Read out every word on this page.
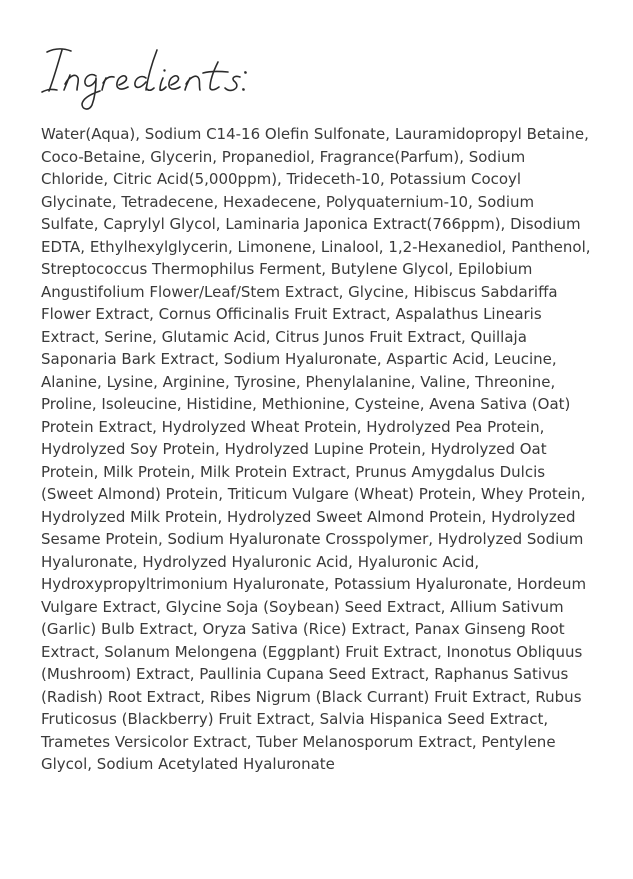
Water(Aqua), Sodium C14-16 Olefin Sulfonate, Lauramidopropyl Betaine, Coco-Betaine, Glycerin, Propanediol, Fragrance(Parfum), Sodium Chloride, Citric Acid(5,000ppm), Trideceth-10, Potassium Cocoyl Glycinate, Tetradecene, Hexadecene, Polyquaternium-10, Sodium Sulfate, Caprylyl Glycol, Laminaria Japonica Extract(766ppm), Disodium EDTA, Ethylhexylglycerin, Limonene, Linalool, 1,2-Hexanediol, Panthenol, Streptococcus Thermophilus Ferment, Butylene Glycol, Epilobium Angustifolium Flower/Leaf/Stem Extract, Glycine, Hibiscus Sabdariffa Flower Extract, Cornus Officinalis Fruit Extract, Aspalathus Linearis Extract, Serine, Glutamic Acid, Citrus Junos Fruit Extract, Quillaja Saponaria Bark Extract, Sodium Hyaluronate, Aspartic Acid, Leucine, Alanine, Lysine, Arginine, Tyrosine, Phenylalanine, Valine, Threonine, Proline, Isoleucine, Histidine, Methionine, Cysteine, Avena Sativa (Oat) Protein Extract, Hydrolyzed Wheat Protein, Hydrolyzed Pea Protein, Hydrolyzed Soy Protein, Hydrolyzed Lupine Protein, Hydrolyzed Oat Protein, Milk Protein, Milk Protein Extract, Prunus Amygdalus Dulcis (Sweet Almond) Protein, Triticum Vulgare (Wheat) Protein, Whey Protein, Hydrolyzed Milk Protein, Hydrolyzed Sweet Almond Protein, Hydrolyzed Sesame Protein, Sodium Hyaluronate Crosspolymer, Hydrolyzed Sodium Hyaluronate, Hydrolyzed Hyaluronic Acid, Hyaluronic Acid, Hydroxypropyltrimonium Hyaluronate, Potassium Hyaluronate, Hordeum Vulgare Extract, Glycine Soja (Soybean) Seed Extract, Allium Sativum (Garlic) Bulb Extract, Oryza Sativa (Rice) Extract, Panax Ginseng Root Extract, Solanum Melongena (Eggplant) Fruit Extract, Inonotus Obliquus (Mushroom) Extract, Paullinia Cupana Seed Extract, Raphanus Sativus (Radish) Root Extract, Ribes Nigrum (Black Currant) Fruit Extract, Rubus Fruticosus (Blackberry) Fruit Extract, Salvia Hispanica Seed Extract, Trametes Versicolor Extract, Tuber Melanosporum Extract, Pentylene Glycol, Sodium Acetylated Hyaluronate
